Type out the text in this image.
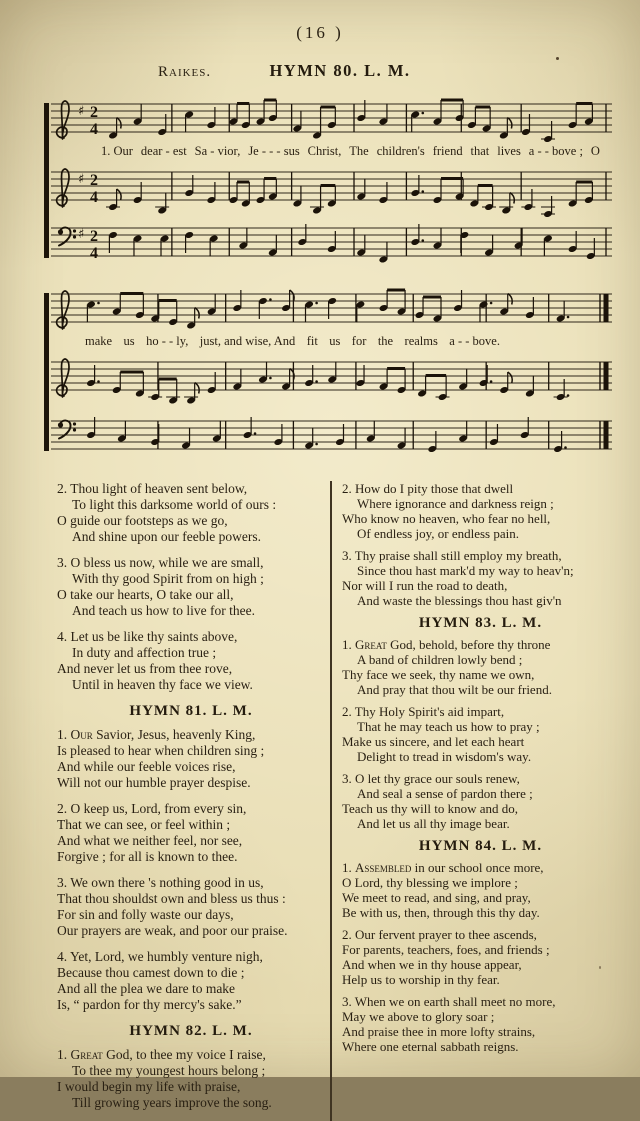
(16 )
Raikes.	HYMN 80. L. M.
♯ 2
4
1. Our dear - est Sa - vior, Je - - - sus Christ, The children's friend that lives a - - bove ; O
♯ 2
4
♯ 2
4
make us ho - - ly, just, and wise, And fit us for the realms a - - bove.
2. Thou light of heaven sent below,
To light this darksome world of ours :
O guide our footsteps as we go,
And shine upon our feeble powers.
3. O bless us now, while we are small,
With thy good Spirit from on high ;
O take our hearts, O take our all,
And teach us how to live for thee.
4. Let us be like thy saints above,
In duty and affection true ;
And never let us from thee rove,
Until in heaven thy face we view.
HYMN 81. L. M.
1. Our Savior, Jesus, heavenly King,
Is pleased to hear when children sing ;
And while our feeble voices rise,
Will not our humble prayer despise.
2. O keep us, Lord, from every sin,
That we can see, or feel within ;
And what we neither feel, nor see,
Forgive ; for all is known to thee.
3. We own there 's nothing good in us,
That thou shouldst own and bless us thus :
For sin and folly waste our days,
Our prayers are weak, and poor our praise.
4. Yet, Lord, we humbly venture nigh,
Because thou camest down to die ;
And all the plea we dare to make
Is, “ pardon for thy mercy's sake.”
HYMN 82. L. M.
1. Great God, to thee my voice I raise,
To thee my youngest hours belong ;
I would begin my life with praise,
Till growing years improve the song.
2. How do I pity those that dwell
Where ignorance and darkness reign ;
Who know no heaven, who fear no hell,
Of endless joy, or endless pain.
3. Thy praise shall still employ my breath,
Since thou hast mark'd my way to heav'n;
Nor will I run the road to death,
And waste the blessings thou hast giv'n
HYMN 83. L. M.
1. Great God, behold, before thy throne
A band of children lowly bend ;
Thy face we seek, thy name we own,
And pray that thou wilt be our friend.
2. Thy Holy Spirit's aid impart,
That he may teach us how to pray ;
Make us sincere, and let each heart
Delight to tread in wisdom's way.
3. O let thy grace our souls renew,
And seal a sense of pardon there ;
Teach us thy will to know and do,
And let us all thy image bear.
HYMN 84. L. M.
1. Assembled in our school once more,
O Lord, thy blessing we implore ;
We meet to read, and sing, and pray,
Be with us, then, through this thy day.
2. Our fervent prayer to thee ascends,
For parents, teachers, foes, and friends ;
And when we in thy house appear,
Help us to worship in thy fear.
3. When we on earth shall meet no more,
May we above to glory soar ;
And praise thee in more lofty strains,
Where one eternal sabbath reigns.
